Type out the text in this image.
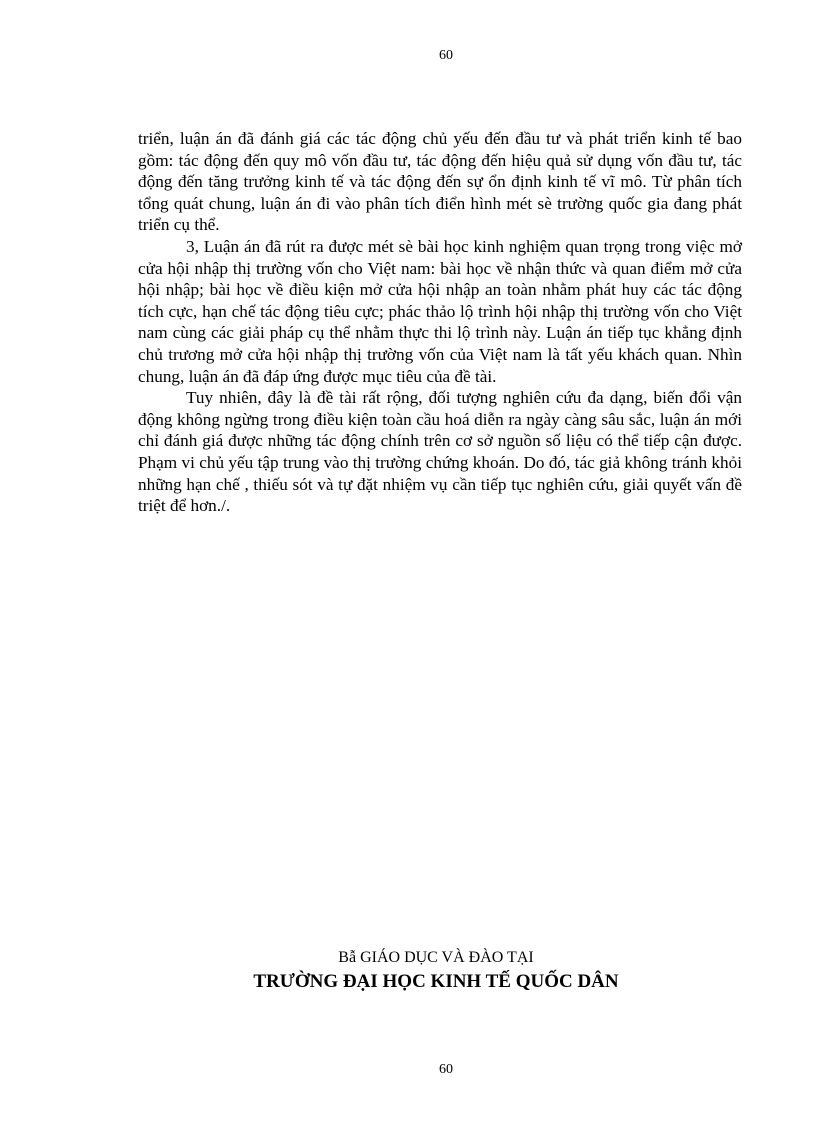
60

triển, luận án đã đánh giá các tác động chủ yếu đến đầu tư và phát triển kinh tế bao gồm: tác động đến quy mô vốn đầu tư, tác động đến hiệu quả sử dụng vốn đầu tư, tác động đến tăng trưởng kinh tế và tác động đến sự ổn định kinh tế vĩ mô. Từ phân tích tổng quát chung, luận án đi vào phân tích điển hình mét sè trường quốc gia đang phát triển cụ thể.

3, Luận án đã rút ra được mét sè bài học kinh nghiệm quan trọng trong việc mở cửa hội nhập thị trường vốn cho Việt nam: bài học về nhận thức và quan điểm mở cửa hội nhập; bài học về điều kiện mở cửa hội nhập an toàn nhằm phát huy các tác động tích cực, hạn chế tác động tiêu cực; phác thảo lộ trình hội nhập thị trường vốn cho Việt nam cùng các giải pháp cụ thể nhằm thực thi lộ trình này. Luận án tiếp tục khẳng định chủ trương mở cửa hội nhập thị trường vốn của Việt nam là tất yếu khách quan. Nhìn chung, luận án đã đáp ứng được mục tiêu của đề tài.

Tuy nhiên, đây là đề tài rất rộng, đối tượng nghiên cứu đa dạng, biến đổi vận động không ngừng trong điều kiện toàn cầu hoá diễn ra ngày càng sâu sắc, luận án mới chỉ đánh giá được những tác động chính trên cơ sở nguồn số liệu có thể tiếp cận được. Phạm vi chủ yếu tập trung vào thị trường chứng khoán. Do đó, tác giả không tránh khỏi những hạn chế , thiếu sót và tự đặt nhiệm vụ cần tiếp tục nghiên cứu, giải quyết vấn đề triệt để hơn./.

Bẫ GIÁO DỤC VÀ ĐÀO TẠI
TRƯỜNG ĐẠI HỌC KINH TẾ QUỐC DÂN
60
